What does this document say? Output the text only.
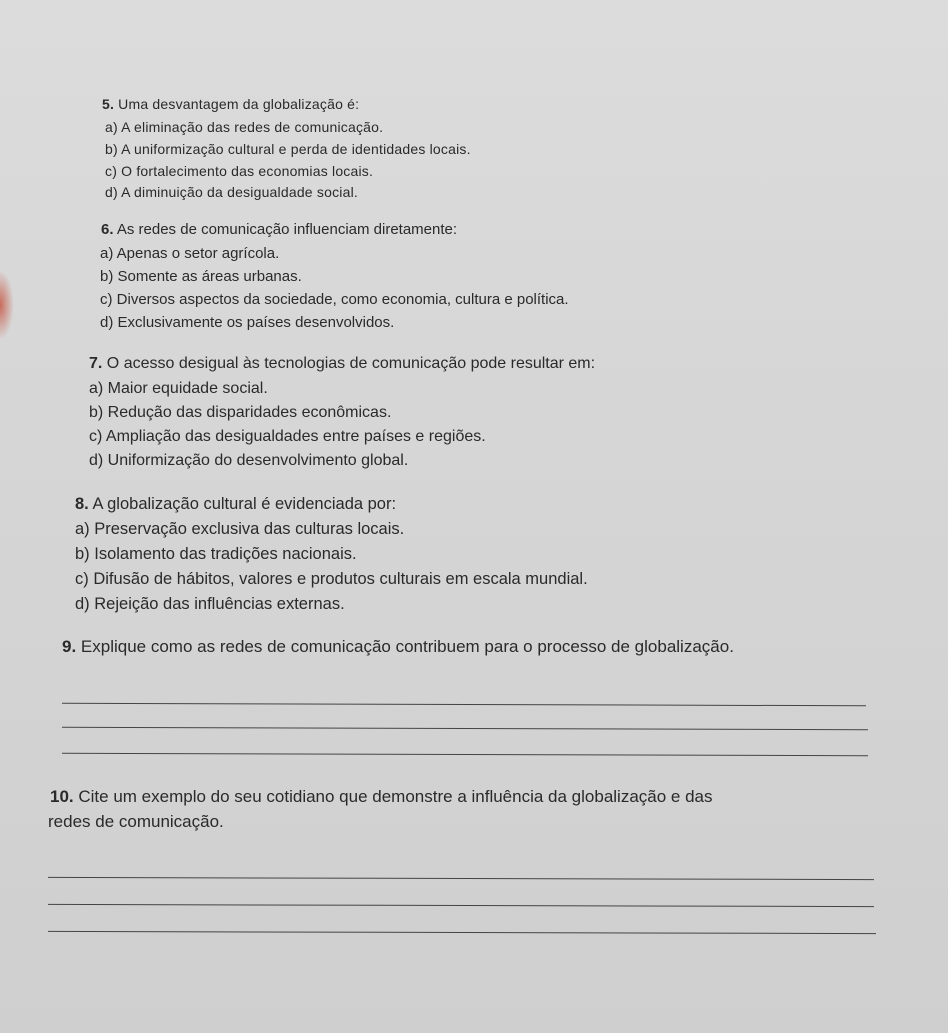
5. Uma desvantagem da globalização é:
a) A eliminação das redes de comunicação.
b) A uniformização cultural e perda de identidades locais.
c) O fortalecimento das economias locais.
d) A diminuição da desigualdade social.
6. As redes de comunicação influenciam diretamente:
a) Apenas o setor agrícola.
b) Somente as áreas urbanas.
c) Diversos aspectos da sociedade, como economia, cultura e política.
d) Exclusivamente os países desenvolvidos.
7. O acesso desigual às tecnologias de comunicação pode resultar em:
a) Maior equidade social.
b) Redução das disparidades econômicas.
c) Ampliação das desigualdades entre países e regiões.
d) Uniformização do desenvolvimento global.
8. A globalização cultural é evidenciada por:
a) Preservação exclusiva das culturas locais.
b) Isolamento das tradições nacionais.
c) Difusão de hábitos, valores e produtos culturais em escala mundial.
d) Rejeição das influências externas.
9. Explique como as redes de comunicação contribuem para o processo de globalização.
10. Cite um exemplo do seu cotidiano que demonstre a influência da globalização e das
redes de comunicação.
